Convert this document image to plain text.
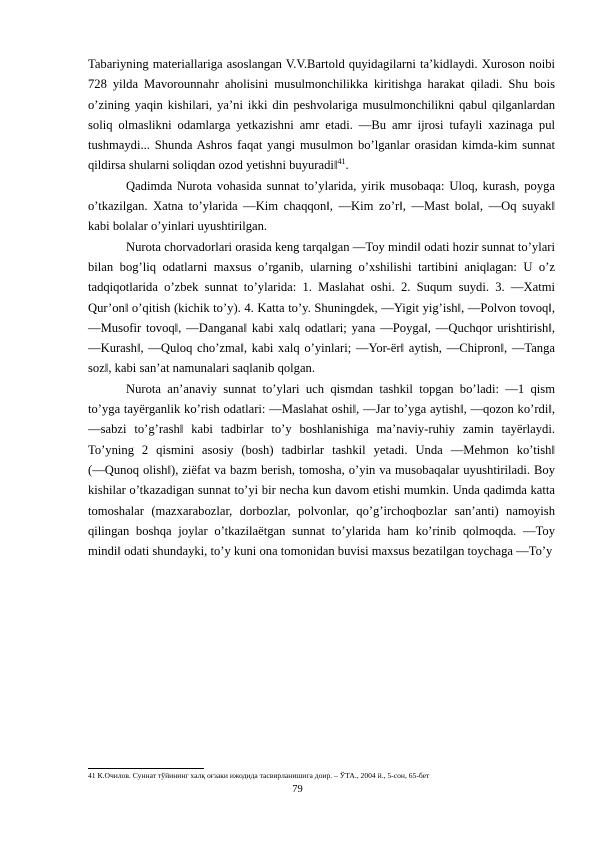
Tabariyning materiallariga asoslangan V.V.Bartold quyidagilarni ta’kidlaydi. Xuroson noibi 728 yilda Mavorounnahr aholisini musulmonchilikka kiritishga harakat qiladi. Shu bois o’zining yaqin kishilari, ya’ni ikki din peshvolariga musulmonchilikni qabul qilganlardan soliq olmaslikni odamlarga yetkazishni amr etadi. ―Bu amr ijrosi tufayli xazinaga pul tushmaydi... Shunda Ashros faqat yangi musulmon bo’lganlar orasidan kimda-kim sunnat qildirsa shularni soliqdan ozod yetishni buyuradi‖$^{41}$.

Qadimda Nurota vohasida sunnat to’ylarida, yirik musobaqa: Uloq, kurash, poyga o’tkazilgan. Xatna to’ylarida ―Kim chaqqon‖, ―Kim zo’r‖, ―Mast bola‖, ―Oq suyak‖ kabi bolalar o’yinlari uyushtirilgan.

Nurota chorvadorlari orasida keng tarqalgan ―Toy mindi‖ odati hozir sunnat to’ylari bilan bog’liq odatlarni maxsus o’rganib, ularning o’xshilishi tartibini aniqlagan: U o’z tadqiqotlarida o’zbek sunnat to’ylarida: 1. Maslahat oshi. 2. Suqum suydi. 3. ―Xatmi Qur’on‖ o’qitish (kichik to’y). 4. Katta to’y. Shuningdek, ―Yigit yig’ish‖, ―Polvon tovoq‖, ―Musofir tovoq‖, ―Dangana‖ kabi xalq odatlari; yana ―Poyga‖, ―Quchqor urishtirish‖, ―Kurash‖, ―Quloq cho’zma‖, kabi xalq o’yinlari; ―Yor-ёr‖ aytish, ―Chipron‖, ―Tanga soz‖, kabi san’at namunalari saqlanib qolgan.

Nurota an’anaviy sunnat to’ylari uch qismdan tashkil topgan bo’ladi: ―1 qism to’yga tayёrganlik ko’rish odatlari: ―Maslahat oshi‖, ―Jar to’yga aytish‖, ―qozon ko’rdi‖, ―sabzi to’g’rash‖ kabi tadbirlar to’y boshlanishiga ma’naviy-ruhiy zamin tayёrlaydi. To’yning 2 qismini asosiy (bosh) tadbirlar tashkil yetadi. Unda ―Mehmon ko’tish‖ (―Qunoq olish‖), ziёfat va bazm berish, tomosha, o’yin va musobaqalar uyushtiriladi. Boy kishilar o’tkazadigan sunnat to’yi bir necha kun davom etishi mumkin. Unda qadimda katta tomoshalar (mazxarabozlar, dorbozlar, polvonlar, qo’g’irchoqbozlar san’anti) namoyish qilingan boshqa joylar o’tkazilaёtgan sunnat to’ylarida ham ko’rinib qolmoqda. ―Toy mindi‖ odati shundayki, to’y kuni ona tomonidan buvisi maxsus bezatilgan toychaga ―To’y

41 К.Очилов. Суннат тўйининг халқ оғзаки ижодида тасвирланишига доир. – ЎТА., 2004 й., 5-сон, 65-бет
79
